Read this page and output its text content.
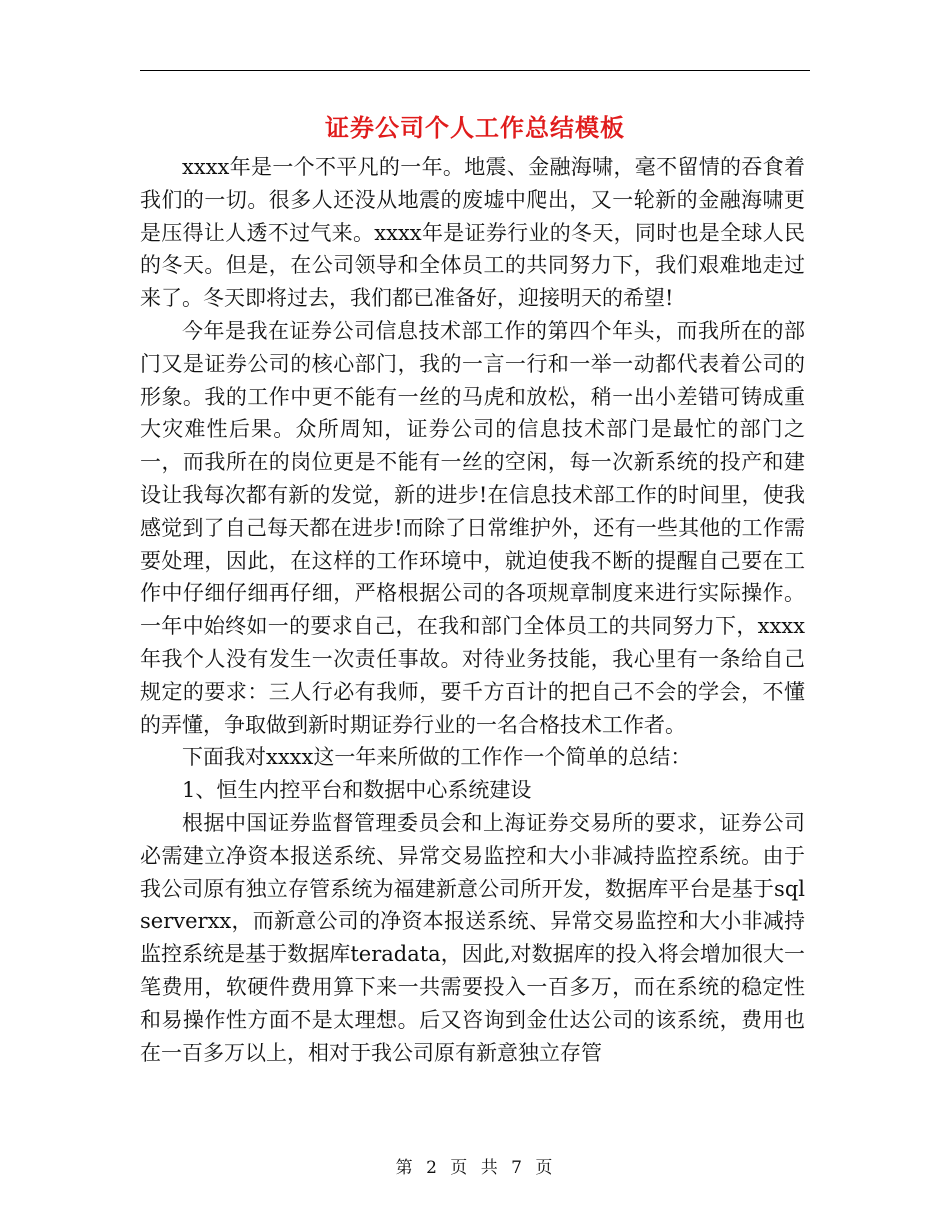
证券公司个人工作总结模板

xxxx年是一个不平凡的一年。地震、金融海啸，毫不留情的吞食着我们的一切。很多人还没从地震的废墟中爬出，又一轮新的金融海啸更是压得让人透不过气来。xxxx年是证券行业的冬天，同时也是全球人民的冬天。但是，在公司领导和全体员工的共同努力下，我们艰难地走过来了。冬天即将过去，我们都已准备好，迎接明天的希望!

今年是我在证券公司信息技术部工作的第四个年头，而我所在的部门又是证券公司的核心部门，我的一言一行和一举一动都代表着公司的形象。我的工作中更不能有一丝的马虎和放松，稍一出小差错可铸成重大灾难性后果。众所周知，证券公司的信息技术部门是最忙的部门之一，而我所在的岗位更是不能有一丝的空闲，每一次新系统的投产和建设让我每次都有新的发觉，新的进步!在信息技术部工作的时间里，使我感觉到了自己每天都在进步!而除了日常维护外，还有一些其他的工作需要处理，因此，在这样的工作环境中，就迫使我不断的提醒自己要在工作中仔细仔细再仔细，严格根据公司的各项规章制度来进行实际操作。一年中始终如一的要求自己，在我和部门全体员工的共同努力下，xxxx年我个人没有发生一次责任事故。对待业务技能，我心里有一条给自己规定的要求：三人行必有我师，要千方百计的把自己不会的学会，不懂的弄懂，争取做到新时期证券行业的一名合格技术工作者。

下面我对xxxx这一年来所做的工作作一个简单的总结：

1、恒生内控平台和数据中心系统建设

根据中国证券监督管理委员会和上海证券交易所的要求，证券公司必需建立净资本报送系统、异常交易监控和大小非减持监控系统。由于我公司原有独立存管系统为福建新意公司所开发，数据库平台是基于sql serverxx，而新意公司的净资本报送系统、异常交易监控和大小非减持监控系统是基于数据库teradata，因此,对数据库的投入将会增加很大一笔费用，软硬件费用算下来一共需要投入一百多万，而在系统的稳定性和易操作性方面不是太理想。后又咨询到金仕达公司的该系统，费用也在一百多万以上，相对于我公司原有新意独立存管

第 2 页 共 7 页
